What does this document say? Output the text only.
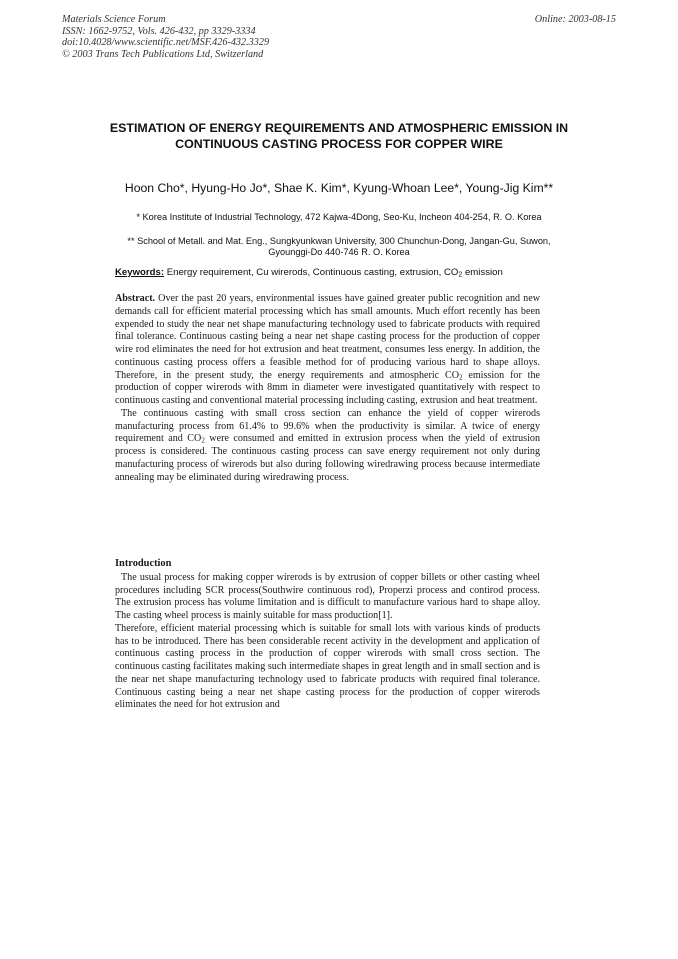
Materials Science Forum
ISSN: 1662-9752, Vols. 426-432, pp 3329-3334
doi:10.4028/www.scientific.net/MSF.426-432.3329
© 2003 Trans Tech Publications Ltd, Switzerland
Online: 2003-08-15
ESTIMATION OF ENERGY REQUIREMENTS AND ATMOSPHERIC EMISSION IN CONTINUOUS CASTING PROCESS FOR COPPER WIRE
Hoon Cho*, Hyung-Ho Jo*, Shae K. Kim*, Kyung-Whoan Lee*, Young-Jig Kim**
* Korea Institute of Industrial Technology, 472 Kajwa-4Dong, Seo-Ku, Incheon 404-254, R. O. Korea
** School of Metall. and Mat. Eng., Sungkyunkwan University, 300 Chunchun-Dong, Jangan-Gu, Suwon, Gyounggi-Do 440-746 R. O. Korea
Keywords: Energy requirement, Cu wirerods, Continuous casting, extrusion, $CO_2$ emission

Abstract. Over the past 20 years, environmental issues have gained greater public recognition and new demands call for efficient material processing which has small amounts. Much effort recently has been expended to study the near net shape manufacturing technology used to fabricate products with required final tolerance. Continuous casting being a near net shape casting process for the production of copper wire rod eliminates the need for hot extrusion and heat treatment, consumes less energy. In addition, the continuous casting process offers a feasible method for of producing various hard to shape alloys. Therefore, in the present study, the energy requirements and atmospheric $CO_2$ emission for the production of copper wirerods with 8mm in diameter were investigated quantitatively with respect to continuous casting and conventional material processing including casting, extrusion and heat treatment.

The continuous casting with small cross section can enhance the yield of copper wirerods manufacturing process from 61.4% to 99.6% when the productivity is similar. A twice of energy requirement and $CO_2$ were consumed and emitted in extrusion process when the yield of extrusion process is considered. The continuous casting process can save energy requirement not only during manufacturing process of wirerods but also during following wiredrawing process because intermediate annealing may be eliminated during wiredrawing process.

Introduction

The usual process for making copper wirerods is by extrusion of copper billets or other casting wheel procedures including SCR process(Southwire continuous rod), Properzi process and contirod process. The extrusion process has volume limitation and is difficult to manufacture various hard to shape alloy. The casting wheel process is mainly suitable for mass production[1].

Therefore, efficient material processing which is suitable for small lots with various kinds of products has to be introduced. There has been considerable recent activity in the development and application of continuous casting process in the production of copper wirerods with small cross section. The continuous casting facilitates making such intermediate shapes in great length and in small section and is the near net shape manufacturing technology used to fabricate products with required final tolerance. Continuous casting being a near net shape casting process for the production of copper wirerods eliminates the need for hot extrusion and
